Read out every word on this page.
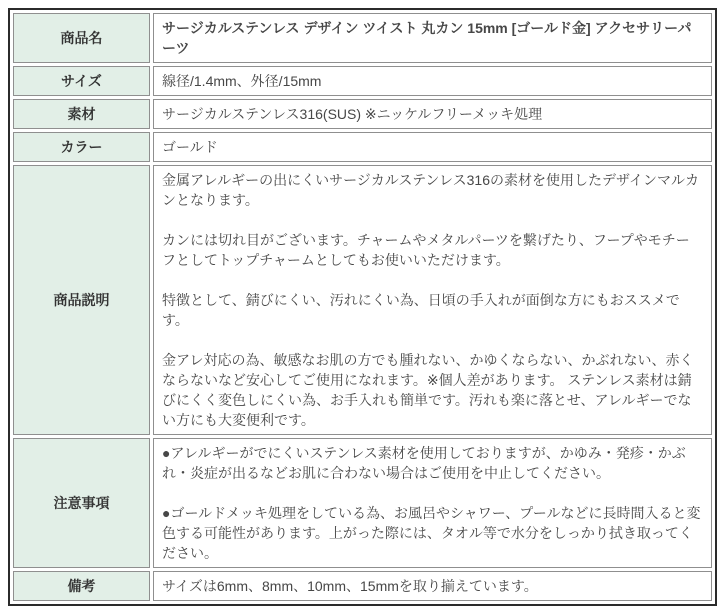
商品名	サージカルステンレス デザイン ツイスト 丸カン 15mm [ゴールド金] アクセサリーパーツ
サイズ	線径/1.4mm、外径/15mm
素材	サージカルステンレス316(SUS) ※ニッケルフリーメッキ処理
カラー	ゴールド
商品説明	金属アレルギーの出にくいサージカルステンレス316の素材を使用したデザインマルカンとなります。

カンには切れ目がございます。チャームやメタルパーツを繋げたり、フープやモチーフとしてトップチャームとしてもお使いいただけます。

特徴として、錆びにくい、汚れにくい為、日頃の手入れが面倒な方にもおススメです。

金アレ対応の為、敏感なお肌の方でも腫れない、かゆくならない、かぶれない、赤くならないなど安心してご使用になれます。※個人差があります。 ステンレス素材は錆びにくく変色しにくい為、お手入れも簡単です。汚れも楽に落とせ、アレルギーでない方にも大変便利です。

注意事項	●アレルギーがでにくいステンレス素材を使用しておりますが、かゆみ・発疹・かぶれ・炎症が出るなどお肌に合わない場合はご使用を中止してください。

●ゴールドメッキ処理をしている為、お風呂やシャワー、プールなどに長時間入ると変色する可能性があります。上がった際には、タオル等で水分をしっかり拭き取ってください。

備考	サイズは6mm、8mm、10mm、15mmを取り揃えています。
